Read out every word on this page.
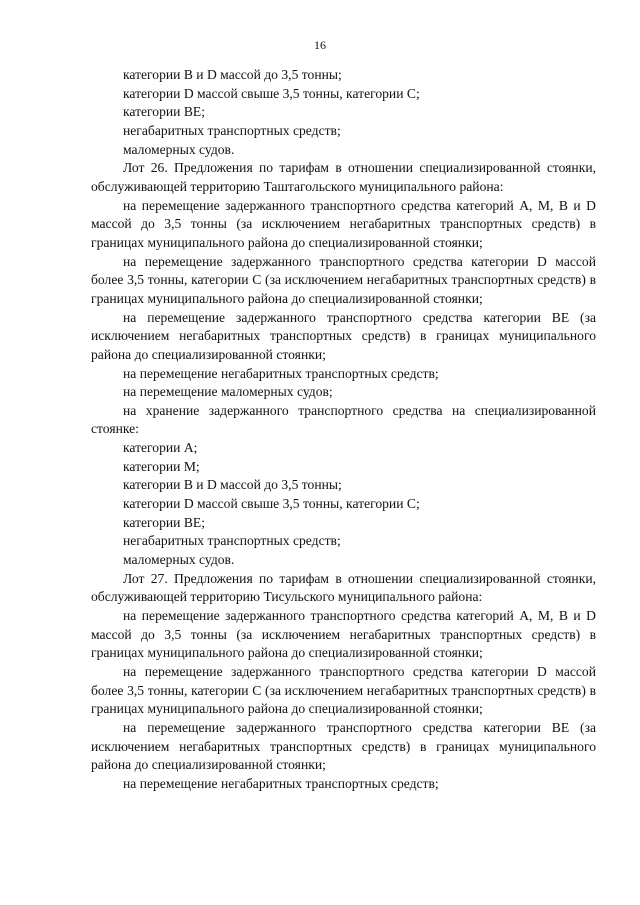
16

категории В и D массой до 3,5 тонны;

категории D массой свыше 3,5 тонны, категории С;

категории ВЕ;

негабаритных транспортных средств;

маломерных судов.

Лот 26. Предложения по тарифам в отношении специализированной стоянки, обслуживающей территорию Таштагольского муниципального района:

на перемещение задержанного транспортного средства категорий А, М, В и D массой до 3,5 тонны (за исключением негабаритных транспортных средств) в границах муниципального района до специализированной стоянки;

на перемещение задержанного транспортного средства категории D массой более 3,5 тонны, категории С (за исключением негабаритных транспортных средств) в границах муниципального района до специализированной стоянки;

на перемещение задержанного транспортного средства категории ВЕ (за исключением негабаритных транспортных средств) в границах муниципального района до специализированной стоянки;

на перемещение негабаритных транспортных средств;

на перемещение маломерных судов;

на хранение задержанного транспортного средства на специализированной стоянке:

категории А;

категории М;

категории В и D массой до 3,5 тонны;

категории D массой свыше 3,5 тонны, категории С;

категории ВЕ;

негабаритных транспортных средств;

маломерных судов.

Лот 27. Предложения по тарифам в отношении специализированной стоянки, обслуживающей территорию Тисульского муниципального района:

на перемещение задержанного транспортного средства категорий А, М, В и D массой до 3,5 тонны (за исключением негабаритных транспортных средств) в границах муниципального района до специализированной стоянки;

на перемещение задержанного транспортного средства категории D массой более 3,5 тонны, категории С (за исключением негабаритных транспортных средств) в границах муниципального района до специализированной стоянки;

на перемещение задержанного транспортного средства категории ВЕ (за исключением негабаритных транспортных средств) в границах муниципального района до специализированной стоянки;

на перемещение негабаритных транспортных средств;
